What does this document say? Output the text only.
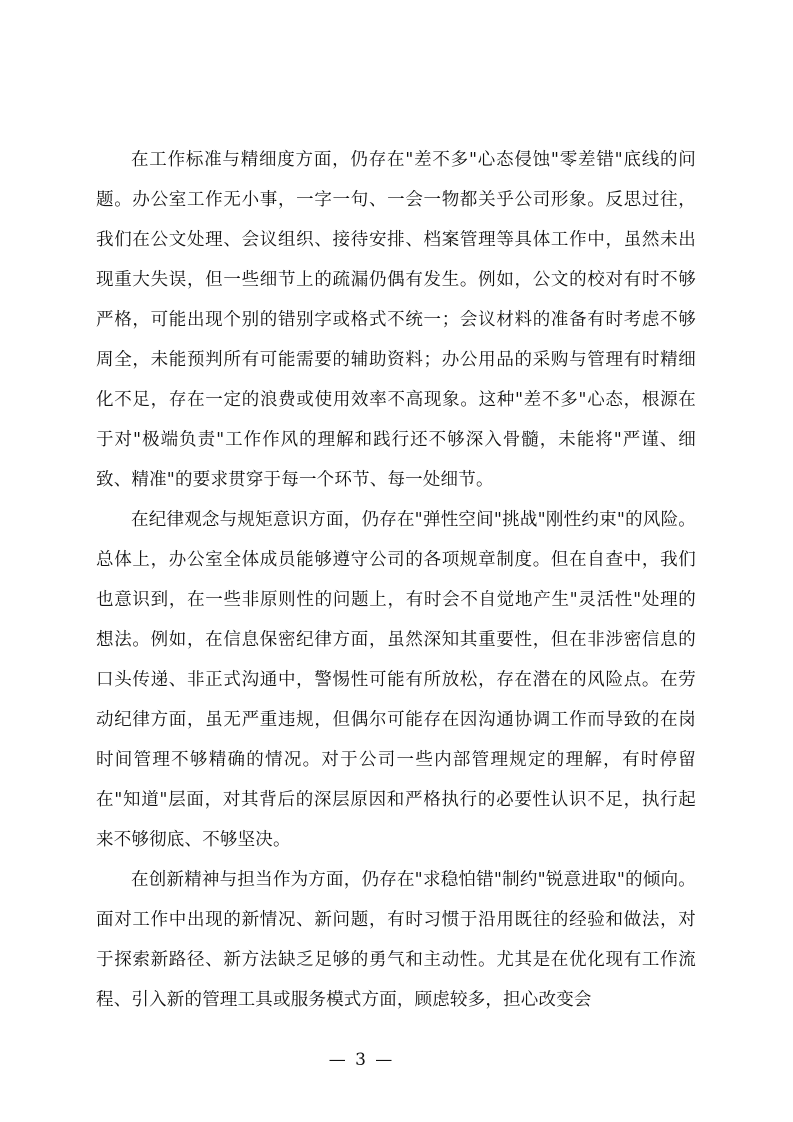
在工作标准与精细度方面，仍存在"差不多"心态侵蚀"零差错"底线的问题。办公室工作无小事，一字一句、一会一物都关乎公司形象。反思过往，我们在公文处理、会议组织、接待安排、档案管理等具体工作中，虽然未出现重大失误，但一些细节上的疏漏仍偶有发生。例如，公文的校对有时不够严格，可能出现个别的错别字或格式不统一；会议材料的准备有时考虑不够周全，未能预判所有可能需要的辅助资料；办公用品的采购与管理有时精细化不足，存在一定的浪费或使用效率不高现象。这种"差不多"心态，根源在于对"极端负责"工作作风的理解和践行还不够深入骨髓，未能将"严谨、细致、精准"的要求贯穿于每一个环节、每一处细节。

在纪律观念与规矩意识方面，仍存在"弹性空间"挑战"刚性约束"的风险。总体上，办公室全体成员能够遵守公司的各项规章制度。但在自查中，我们也意识到，在一些非原则性的问题上，有时会不自觉地产生"灵活性"处理的想法。例如，在信息保密纪律方面，虽然深知其重要性，但在非涉密信息的口头传递、非正式沟通中，警惕性可能有所放松，存在潜在的风险点。在劳动纪律方面，虽无严重违规，但偶尔可能存在因沟通协调工作而导致的在岗时间管理不够精确的情况。对于公司一些内部管理规定的理解，有时停留在"知道"层面，对其背后的深层原因和严格执行的必要性认识不足，执行起来不够彻底、不够坚决。

在创新精神与担当作为方面，仍存在"求稳怕错"制约"锐意进取"的倾向。面对工作中出现的新情况、新问题，有时习惯于沿用既往的经验和做法，对于探索新路径、新方法缺乏足够的勇气和主动性。尤其是在优化现有工作流程、引入新的管理工具或服务模式方面，顾虑较多，担心改变会

— 3 —
